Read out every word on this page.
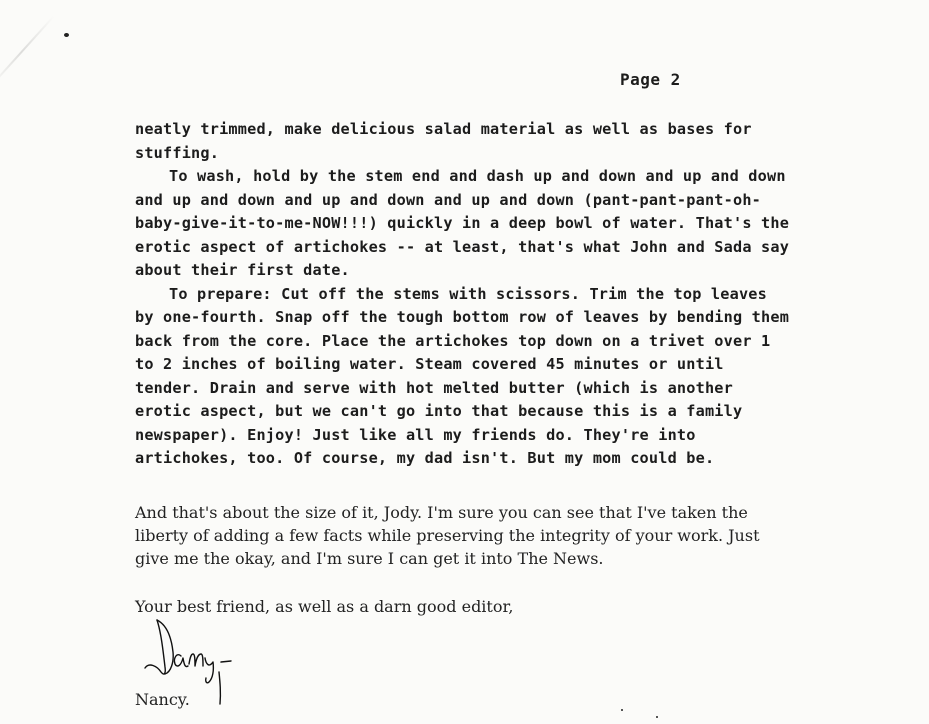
Page 2

neatly trimmed, make delicious salad material as well as bases for stuffing.

To wash, hold by the stem end and dash up and down and up and down and up and down and up and down and up and down (pant-pant-pant-oh-baby-give-it-to-me-NOW!!!) quickly in a deep bowl of water. That's the erotic aspect of artichokes -- at least, that's what John and Sada say about their first date.

To prepare: Cut off the stems with scissors. Trim the top leaves by one-fourth. Snap off the tough bottom row of leaves by bending them back from the core. Place the artichokes top down on a trivet over 1 to 2 inches of boiling water. Steam covered 45 minutes or until tender. Drain and serve with hot melted butter (which is another erotic aspect, but we can't go into that because this is a family newspaper). Enjoy! Just like all my friends do. They're into artichokes, too. Of course, my dad isn't. But my mom could be.

And that's about the size of it, Jody. I'm sure you can see that I've taken the liberty of adding a few facts while preserving the integrity of your work. Just give me the okay, and I'm sure I can get it into The News.
Your best friend, as well as a darn good editor,
Nancy.
